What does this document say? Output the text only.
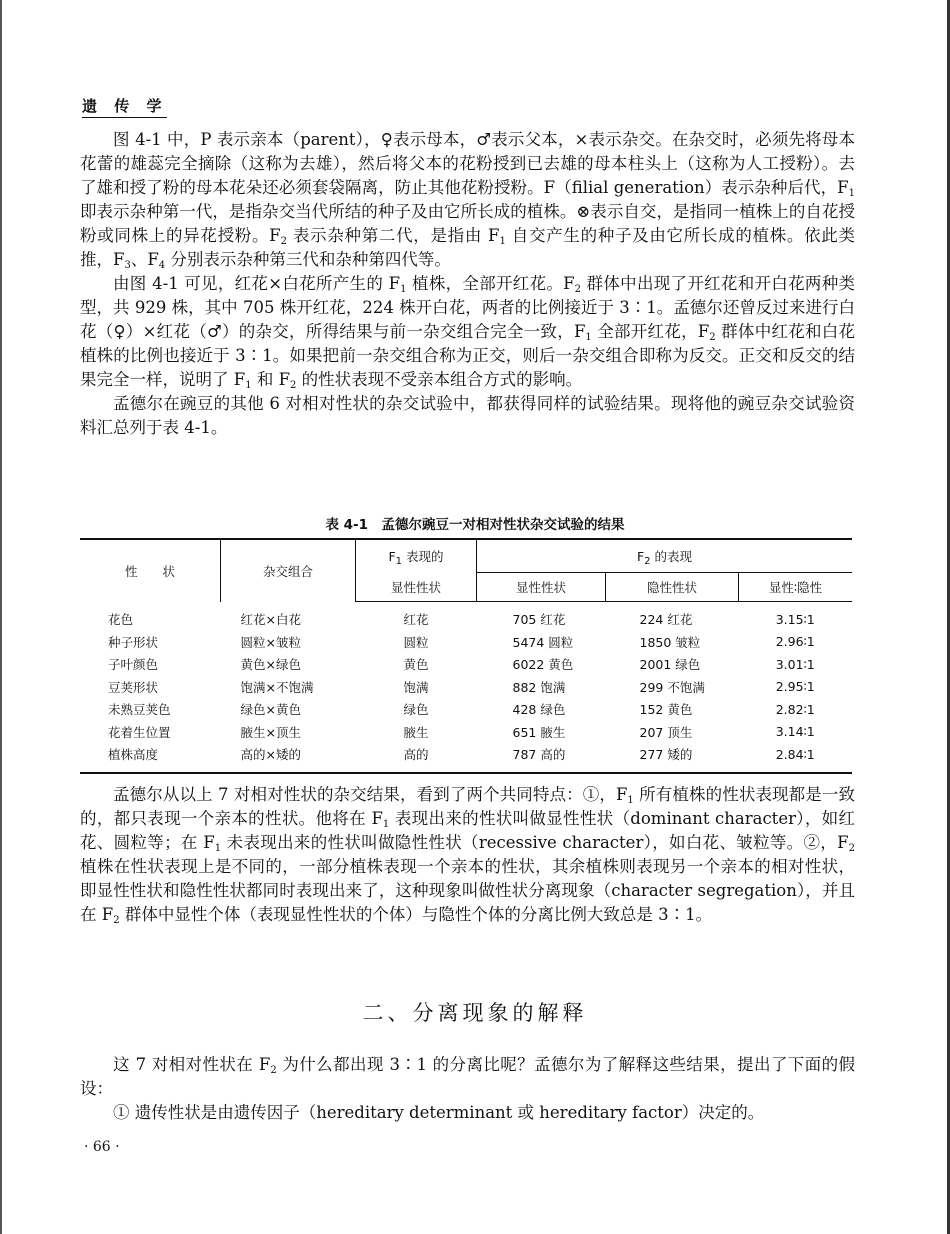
遗 传 学

图 4-1 中，P 表示亲本（parent），♀表示母本，♂表示父本，×表示杂交。在杂交时，必须先将母本花蕾的雄蕊完全摘除（这称为去雄），然后将父本的花粉授到已去雄的母本柱头上（这称为人工授粉）。去了雄和授了粉的母本花朵还必须套袋隔离，防止其他花粉授粉。F（filial generation）表示杂种后代，$F_1$ 即表示杂种第一代，是指杂交当代所结的种子及由它所长成的植株。⊗表示自交，是指同一植株上的自花授粉或同株上的异花授粉。$F_2$ 表示杂种第二代，是指由 $F_1$ 自交产生的种子及由它所长成的植株。依此类推，$F_3$、$F_4$ 分别表示杂种第三代和杂种第四代等。

由图 4-1 可见，红花×白花所产生的 $F_1$ 植株，全部开红花。$F_2$ 群体中出现了开红花和开白花两种类型，共 929 株，其中 705 株开红花，224 株开白花，两者的比例接近于 3∶1。孟德尔还曾反过来进行白花（♀）×红花（♂）的杂交，所得结果与前一杂交组合完全一致，$F_1$ 全部开红花，$F_2$ 群体中红花和白花植株的比例也接近于 3∶1。如果把前一杂交组合称为正交，则后一杂交组合即称为反交。正交和反交的结果完全一样，说明了 $F_1$ 和 $F_2$ 的性状表现不受亲本组合方式的影响。

孟德尔在豌豆的其他 6 对相对性状的杂交试验中，都获得同样的试验结果。现将他的豌豆杂交试验资料汇总列于表 4-1。

表 4-1　孟德尔豌豆一对相对性状杂交试验的结果
性　　状	杂交组合	$F_1$ 表现的	$F_2$ 的表现		
		显性性状	显性性状	隐性性状	显性∶隐性
花色	红花×白花	红花	705 红花	224 红花	3.15∶1
种子形状	圆粒×皱粒	圆粒	5474 圆粒	1850 皱粒	2.96∶1
子叶颜色	黄色×绿色	黄色	6022 黄色	2001 绿色	3.01∶1
豆荚形状	饱满×不饱满	饱满	882 饱满	299 不饱满	2.95∶1
未熟豆荚色	绿色×黄色	绿色	428 绿色	152 黄色	2.82∶1
花着生位置	腋生×顶生	腋生	651 腋生	207 顶生	3.14∶1
植株高度	高的×矮的	高的	787 高的	277 矮的	2.84∶1

孟德尔从以上 7 对相对性状的杂交结果，看到了两个共同特点：①，$F_1$ 所有植株的性状表现都是一致的，都只表现一个亲本的性状。他将在 $F_1$ 表现出来的性状叫做显性性状（dominant character），如红花、圆粒等；在 $F_1$ 未表现出来的性状叫做隐性性状（recessive character），如白花、皱粒等。②，$F_2$ 植株在性状表现上是不同的，一部分植株表现一个亲本的性状，其余植株则表现另一个亲本的相对性状，即显性性状和隐性性状都同时表现出来了，这种现象叫做性状分离现象（character segregation），并且在 $F_2$ 群体中显性个体（表现显性性状的个体）与隐性个体的分离比例大致总是 3∶1。

二、分离现象的解释

这 7 对相对性状在 $F_2$ 为什么都出现 3∶1 的分离比呢？孟德尔为了解释这些结果，提出了下面的假设：

① 遗传性状是由遗传因子（hereditary determinant 或 hereditary factor）决定的。

· 66 ·
